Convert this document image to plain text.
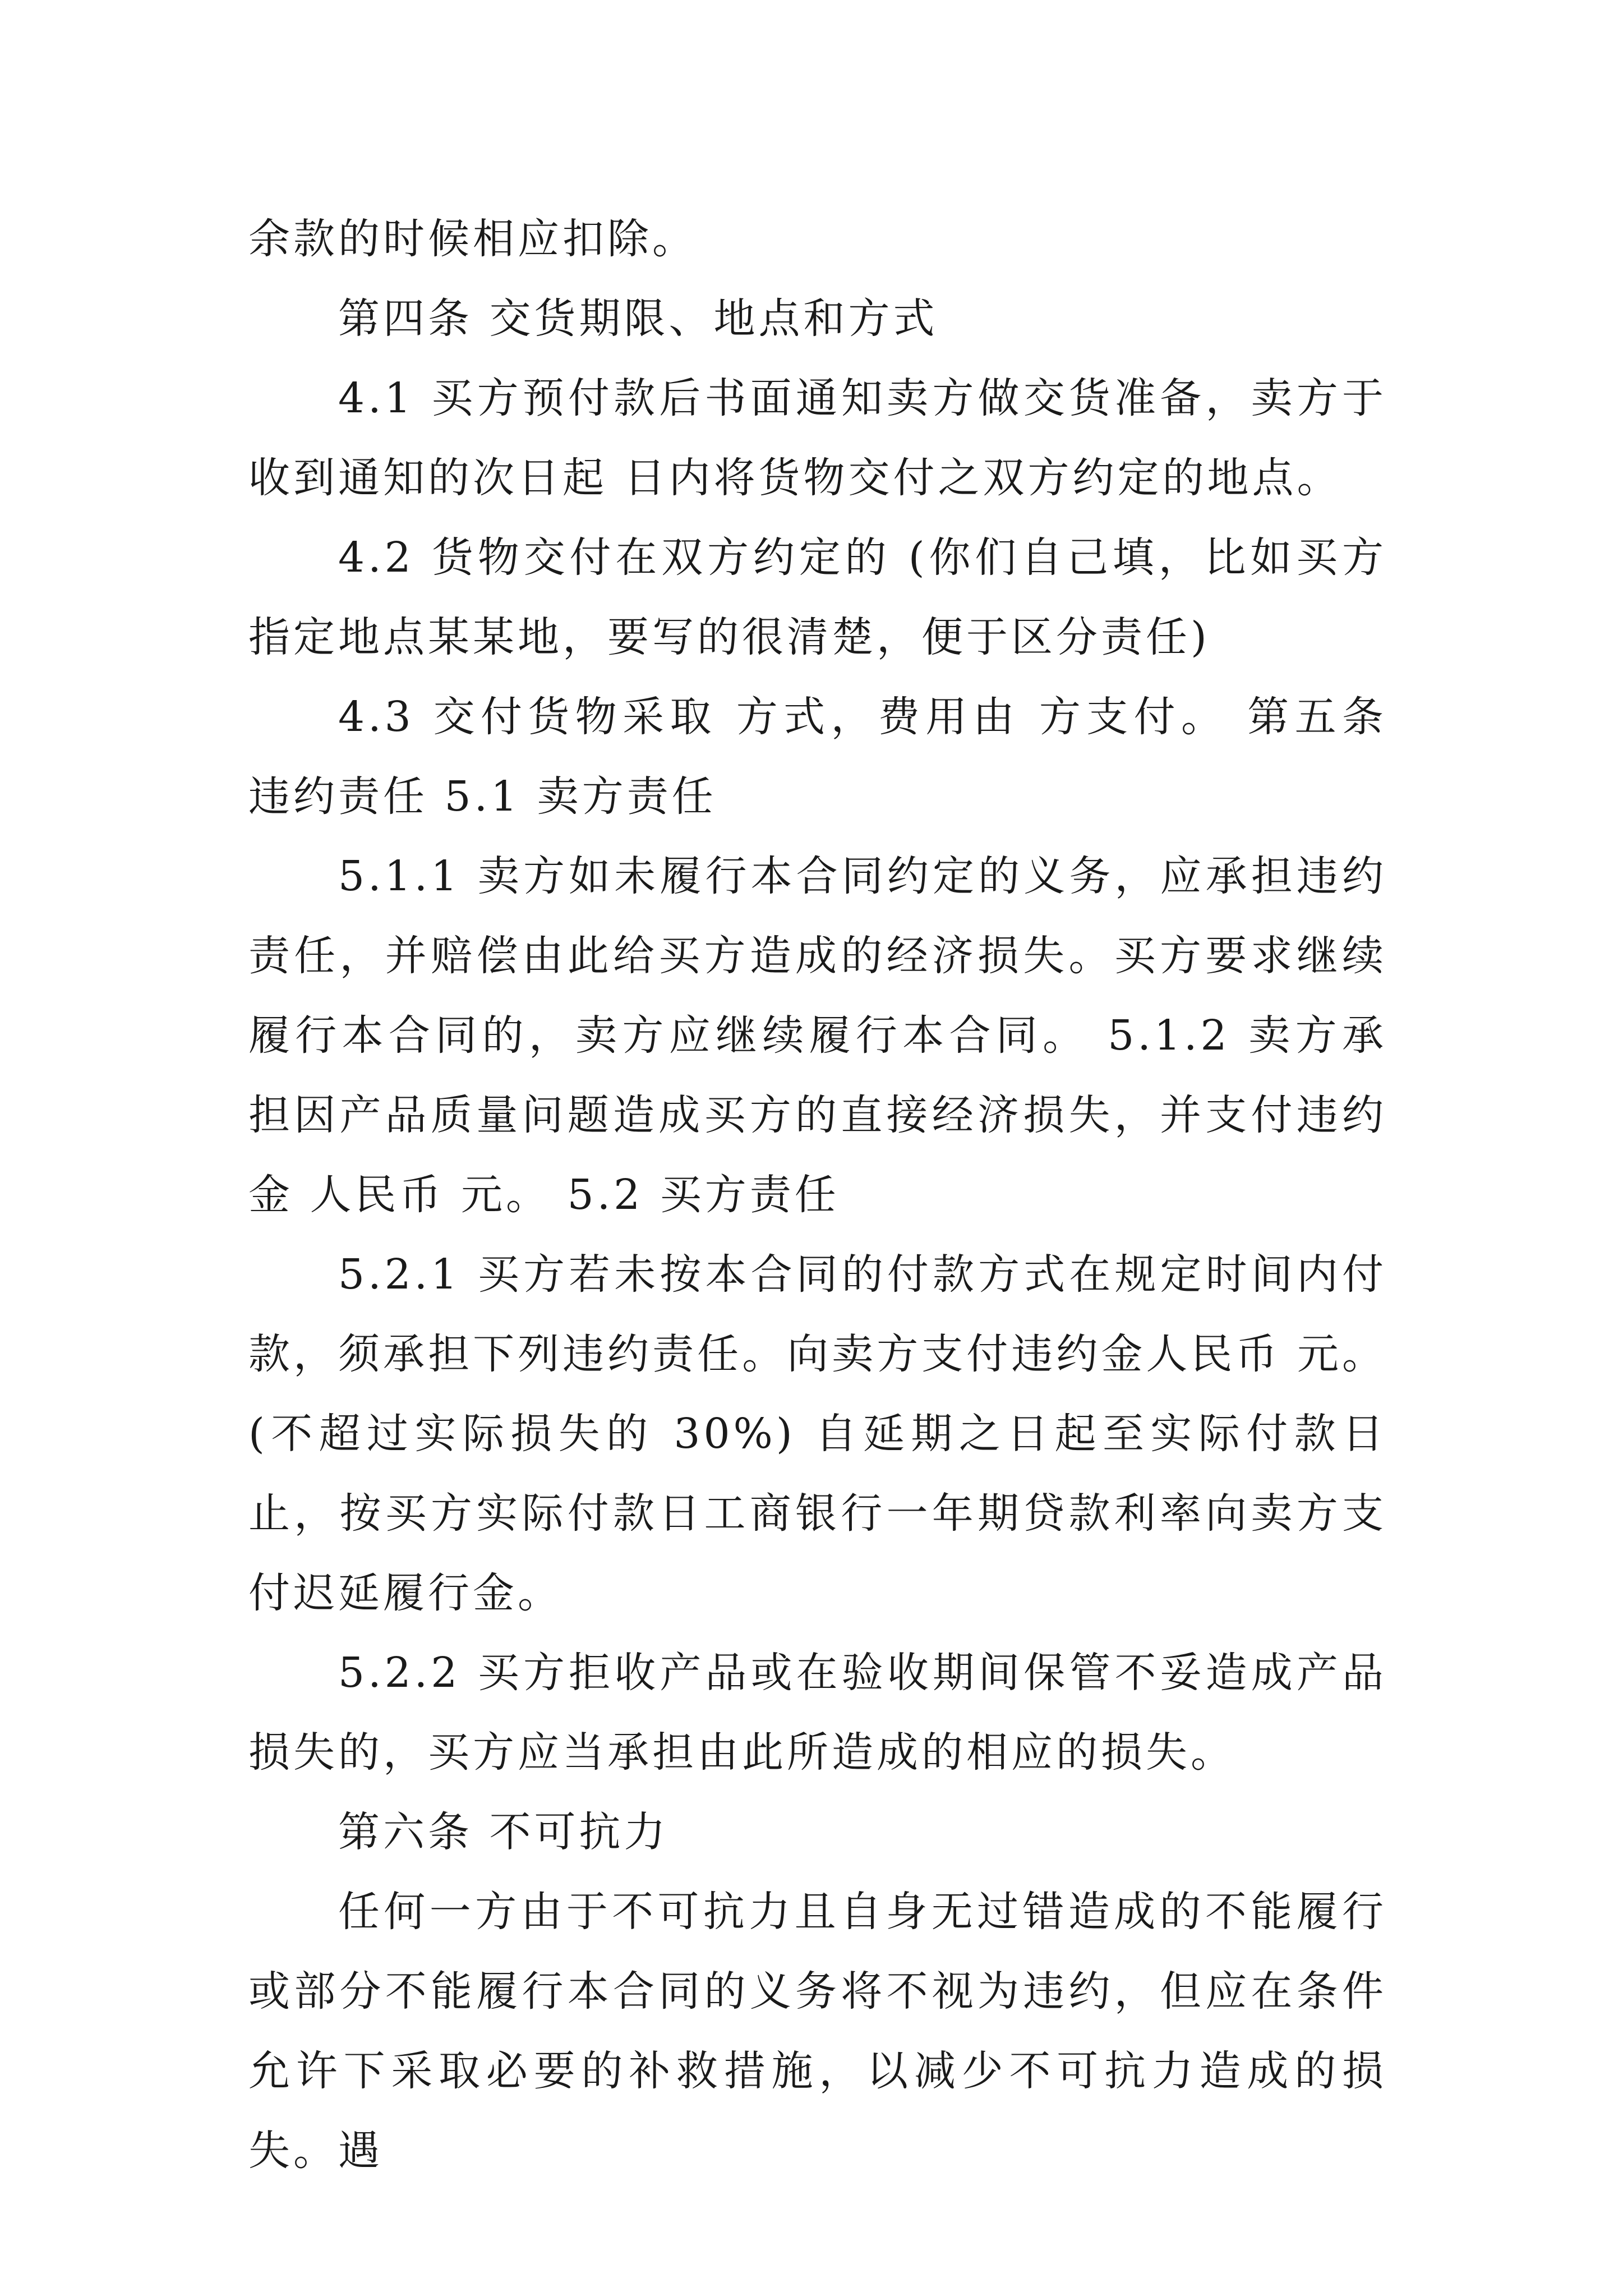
余款的时候相应扣除。

第四条 交货期限、地点和方式

4.1 买方预付款后书面通知卖方做交货准备，卖方于收到通知的次日起 日内将货物交付之双方约定的地点。

4.2 货物交付在双方约定的 (你们自己填，比如买方指定地点某某地，要写的很清楚，便于区分责任)

4.3 交付货物采取 方式，费用由 方支付。 第五条 违约责任 5.1 卖方责任

5.1.1 卖方如未履行本合同约定的义务，应承担违约责任，并赔偿由此给买方造成的经济损失。买方要求继续履行本合同的，卖方应继续履行本合同。 5.1.2 卖方承担因产品质量问题造成买方的直接经济损失，并支付违约金 人民币 元。 5.2 买方责任

5.2.1 买方若未按本合同的付款方式在规定时间内付款，须承担下列违约责任。向卖方支付违约金人民币 元。(不超过实际损失的 30%) 自延期之日起至实际付款日止，按买方实际付款日工商银行一年期贷款利率向卖方支付迟延履行金。

5.2.2 买方拒收产品或在验收期间保管不妥造成产品损失的，买方应当承担由此所造成的相应的损失。

第六条 不可抗力

任何一方由于不可抗力且自身无过错造成的不能履行或部分不能履行本合同的义务将不视为违约，但应在条件允许下采取必要的补救措施，以减少不可抗力造成的损失。遇
